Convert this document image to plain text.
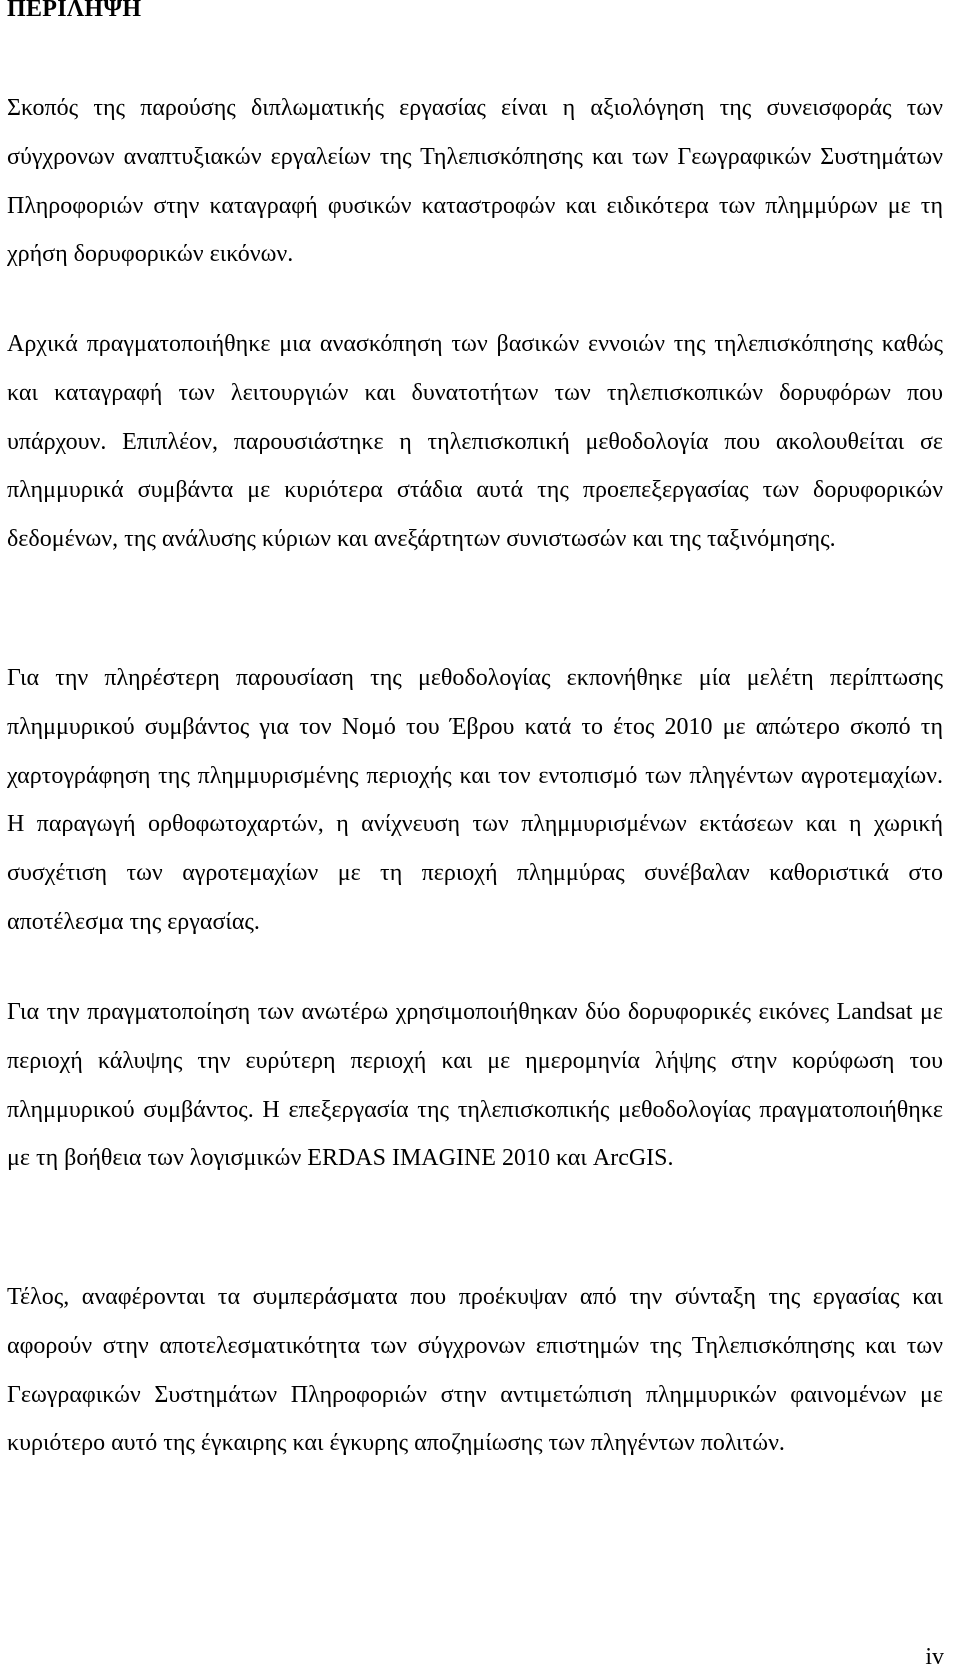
ΠΕΡΙΛΗΨΗ

Σκοπός της παρούσης διπλωματικής εργασίας είναι η αξιολόγηση της συνεισφοράς των σύγχρονων αναπτυξιακών εργαλείων της Τηλεπισκόπησης και των Γεωγραφικών Συστημάτων Πληροφοριών στην καταγραφή φυσικών καταστροφών και ειδικότερα των πλημμύρων με τη χρήση δορυφορικών εικόνων.

Αρχικά πραγματοποιήθηκε μια ανασκόπηση των βασικών εννοιών της τηλεπισκόπησης καθώς και καταγραφή των λειτουργιών και δυνατοτήτων των τηλεπισκοπικών δορυφόρων που υπάρχουν. Επιπλέον, παρουσιάστηκε η τηλεπισκοπική μεθοδολογία που ακολουθείται σε πλημμυρικά συμβάντα με κυριότερα στάδια αυτά της προεπεξεργασίας των δορυφορικών δεδομένων, της ανάλυσης κύριων και ανεξάρτητων συνιστωσών και της ταξινόμησης.

Για την πληρέστερη παρουσίαση της μεθοδολογίας εκπονήθηκε μία μελέτη περίπτωσης πλημμυρικού συμβάντος για τον Νομό του Έβρου κατά το έτος 2010 με απώτερο σκοπό τη χαρτογράφηση της πλημμυρισμένης περιοχής και τον εντοπισμό των πληγέντων αγροτεμαχίων. Η παραγωγή ορθοφωτοχαρτών, η ανίχνευση των πλημμυρισμένων εκτάσεων και η χωρική συσχέτιση των αγροτεμαχίων με τη περιοχή πλημμύρας συνέβαλαν καθοριστικά στο αποτέλεσμα της εργασίας.

Για την πραγματοποίηση των ανωτέρω χρησιμοποιήθηκαν δύο δορυφορικές εικόνες Landsat με περιοχή κάλυψης την ευρύτερη περιοχή και με ημερομηνία λήψης στην κορύφωση του πλημμυρικού συμβάντος. Η επεξεργασία της τηλεπισκοπικής μεθοδολογίας πραγματοποιήθηκε με τη βοήθεια των λογισμικών ERDAS IMAGINE 2010 και ArcGIS.

Τέλος, αναφέρονται τα συμπεράσματα που προέκυψαν από την σύνταξη της εργασίας και αφορούν στην αποτελεσματικότητα των σύγχρονων επιστημών της Τηλεπισκόπησης και των Γεωγραφικών Συστημάτων Πληροφοριών στην αντιμετώπιση πλημμυρικών φαινομένων με κυριότερο αυτό της έγκαιρης και έγκυρης αποζημίωσης των πληγέντων πολιτών.

iv
